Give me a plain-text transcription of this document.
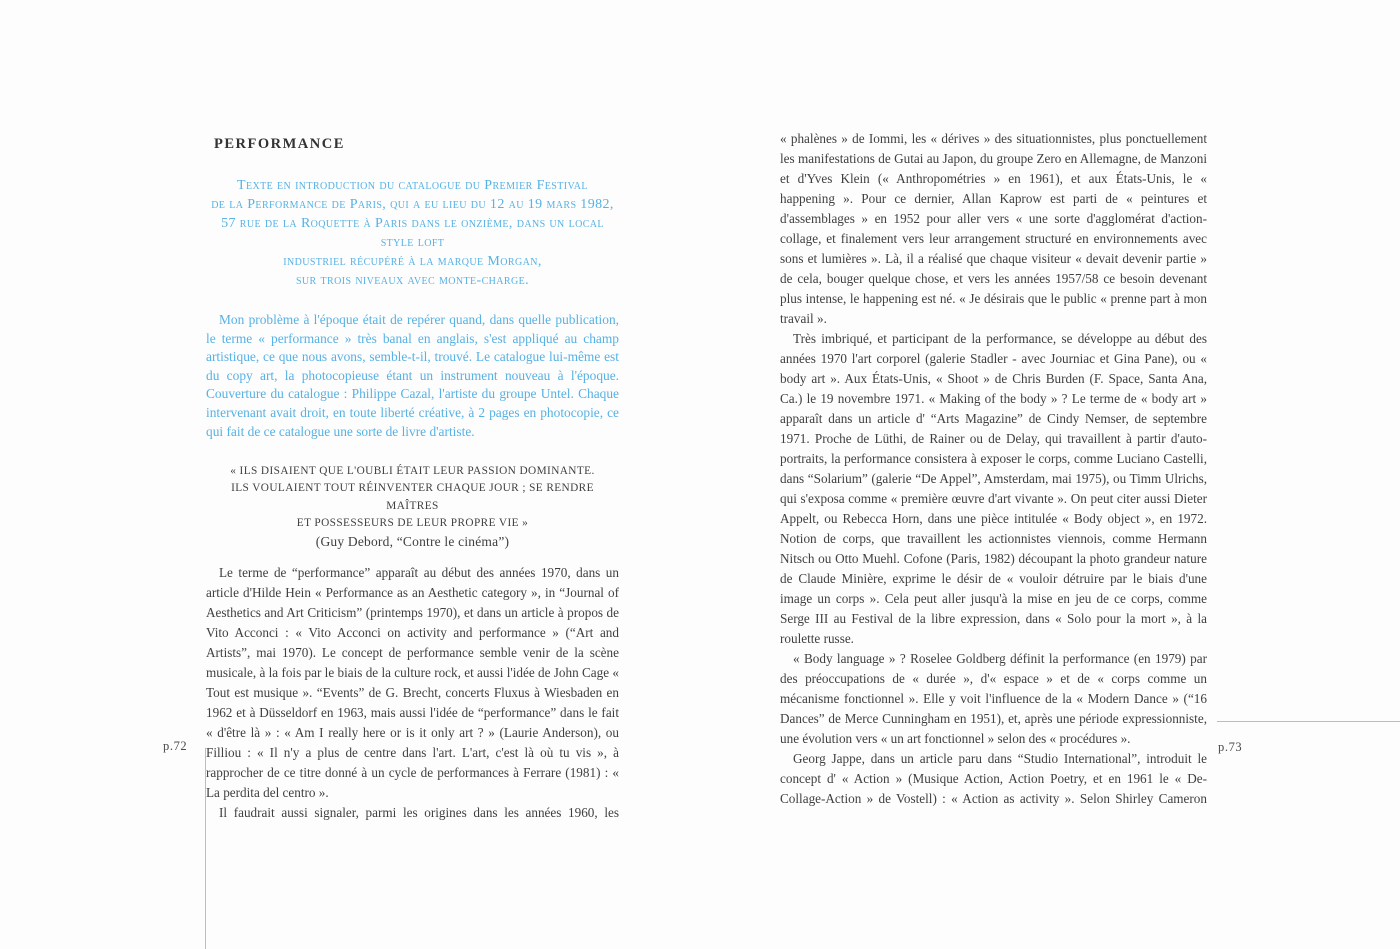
PERFORMANCE
Texte en introduction du catalogue du Premier Festival
de la Performance de Paris, qui a eu lieu du 12 au 19 mars 1982,
57 rue de la Roquette à Paris dans le onzième, dans un local style loft
industriel récupéré à la marque Morgan,
sur trois niveaux avec monte-charge.
Mon problème à l'époque était de repérer quand, dans quelle publication, le terme « performance » très banal en anglais, s'est appliqué au champ artistique, ce que nous avons, semble-t-il, trouvé. Le catalogue lui-même est du copy art, la photocopieuse étant un instrument nouveau à l'époque. Couverture du catalogue : Philippe Cazal, l'artiste du groupe Untel. Chaque intervenant avait droit, en toute liberté créative, à 2 pages en photocopie, ce qui fait de ce catalogue une sorte de livre d'artiste.
« ILS DISAIENT QUE L'OUBLI ÉTAIT LEUR PASSION DOMINANTE.
ILS VOULAIENT TOUT RÉINVENTER CHAQUE JOUR ; SE RENDRE MAÎTRES
ET POSSESSEURS DE LEUR PROPRE VIE »
(Guy Debord, “Contre le cinéma”)

Le terme de “performance” apparaît au début des années 1970, dans un article d'Hilde Hein « Performance as an Aesthetic category », in “Journal of Aesthetics and Art Criticism” (printemps 1970), et dans un article à propos de Vito Acconci : « Vito Acconci on activity and performance » (“Art and Artists”, mai 1970). Le concept de performance semble venir de la scène musicale, à la fois par le biais de la culture rock, et aussi l'idée de John Cage « Tout est musique ». “Events” de G. Brecht, concerts Fluxus à Wiesbaden en 1962 et à Düsseldorf en 1963, mais aussi l'idée de “performance” dans le fait « d'être là » : « Am I really here or is it only art ? » (Laurie Anderson), ou Filliou : « Il n'y a plus de centre dans l'art. L'art, c'est là où tu vis », à rapprocher de ce titre donné à un cycle de performances à Ferrare (1981) : « La perdita del centro ».

Il faudrait aussi signaler, parmi les origines dans les années 1960, les

« phalènes » de Iommi, les « dérives » des situationnistes, plus ponctuellement les manifestations de Gutai au Japon, du groupe Zero en Allemagne, de Manzoni et d'Yves Klein (« Anthropométries » en 1961), et aux États-Unis, le « happening ». Pour ce dernier, Allan Kaprow est parti de « peintures et d'assemblages » en 1952 pour aller vers « une sorte d'agglomérat d'action-collage, et finalement vers leur arrangement structuré en environnements avec sons et lumières ». Là, il a réalisé que chaque visiteur « devait devenir partie » de cela, bouger quelque chose, et vers les années 1957/58 ce besoin devenant plus intense, le happening est né. « Je désirais que le public « prenne part à mon travail ».

Très imbriqué, et participant de la performance, se développe au début des années 1970 l'art corporel (galerie Stadler - avec Journiac et Gina Pane), ou « body art ». Aux États-Unis, « Shoot » de Chris Burden (F. Space, Santa Ana, Ca.) le 19 novembre 1971. « Making of the body » ? Le terme de « body art » apparaît dans un article d' “Arts Magazine” de Cindy Nemser, de septembre 1971. Proche de Lüthi, de Rainer ou de Delay, qui travaillent à partir d'auto-portraits, la performance consistera à exposer le corps, comme Luciano Castelli, dans “Solarium” (galerie “De Appel”, Amsterdam, mai 1975), ou Timm Ulrichs, qui s'exposa comme « première œuvre d'art vivante ». On peut citer aussi Dieter Appelt, ou Rebecca Horn, dans une pièce intitulée « Body object », en 1972. Notion de corps, que travaillent les actionnistes viennois, comme Hermann Nitsch ou Otto Muehl. Cofone (Paris, 1982) découpant la photo grandeur nature de Claude Minière, exprime le désir de « vouloir détruire par le biais d'une image un corps ». Cela peut aller jusqu'à la mise en jeu de ce corps, comme Serge III au Festival de la libre expression, dans « Solo pour la mort », à la roulette russe.

« Body language » ? Roselee Goldberg définit la performance (en 1979) par des préoccupations de « durée », d'« espace » et de « corps comme un mécanisme fonctionnel ». Elle y voit l'influence de la « Modern Dance » (“16 Dances” de Merce Cunningham en 1951), et, après une période expressionniste, une évolution vers « un art fonctionnel » selon des « procédures ».

Georg Jappe, dans un article paru dans “Studio International”, introduit le concept d' « Action » (Musique Action, Action Poetry, et en 1961 le « De-Collage-Action » de Vostell) : « Action as activity ». Selon Shirley Cameron

p.72	p.73
